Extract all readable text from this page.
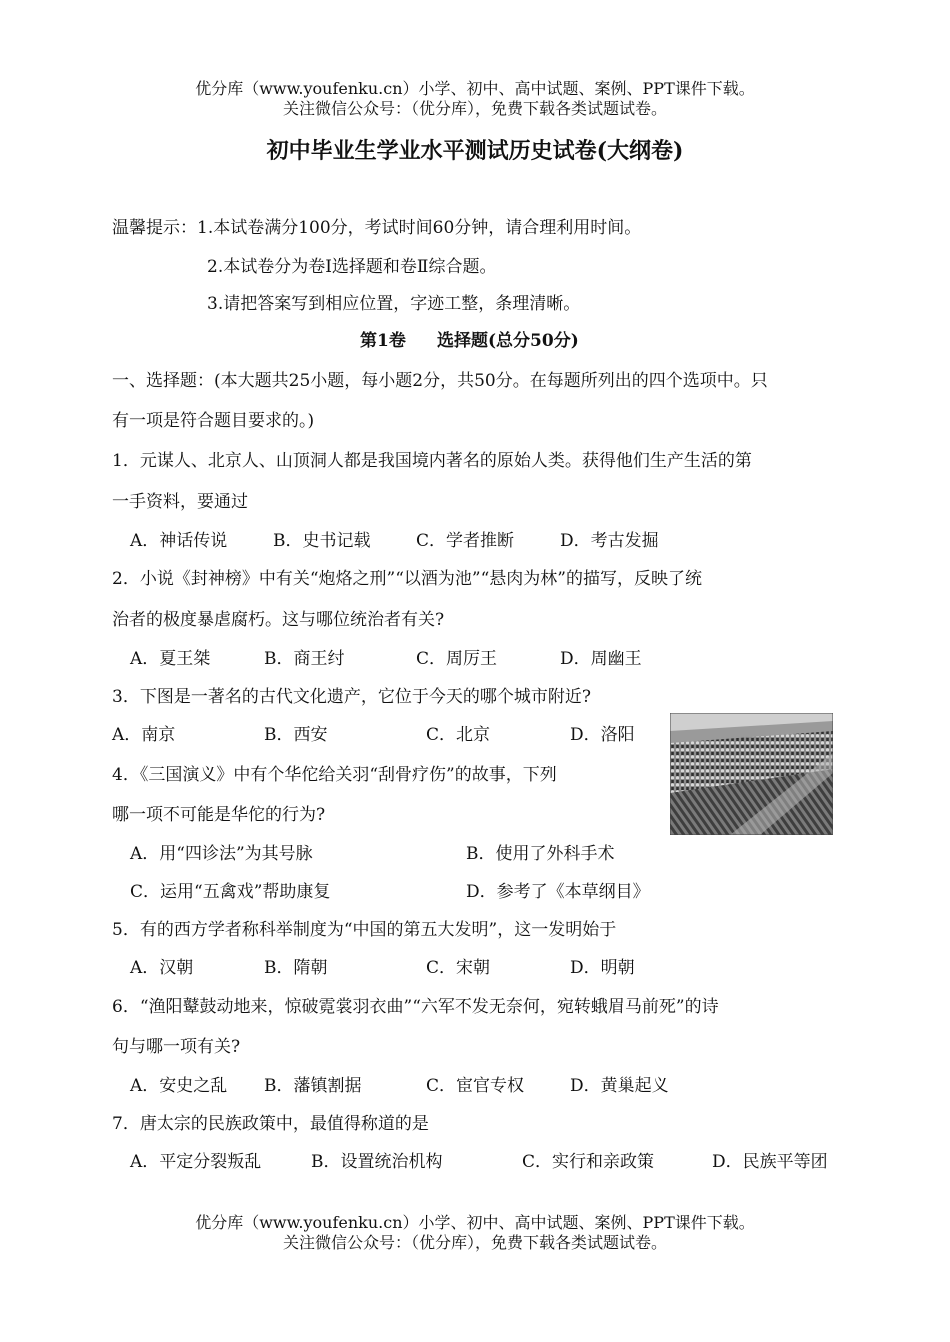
优分库（www.youfenku.cn）小学、初中、高中试题、案例、PPT课件下载。
关注微信公众号：（优分库），免费下载各类试题试卷。
初中毕业生学业水平测试历史试卷(大纲卷)
温馨提示：1.本试卷满分100分，考试时间60分钟，请合理利用时间。
2.本试卷分为卷I选择题和卷Ⅱ综合题。
3.请把答案写到相应位置，字迹工整，条理清晰。
第1卷 选择题(总分50分)
一、选择题：(本大题共25小题，每小题2分，共50分。在每题所列出的四个选项中。只
有一项是符合题目要求的。)
1．元谋人、北京人、山顶洞人都是我国境内著名的原始人类。获得他们生产生活的第
一手资料，要通过
A．神话传说	B．史书记载	C．学者推断	D．考古发掘
2．小说《封神榜》中有关“炮烙之刑”“以酒为池”“悬肉为林”的描写，反映了统
治者的极度暴虐腐朽。这与哪位统治者有关?
A．夏王桀	B．商王纣	C．周厉王	D．周幽王
3．下图是一著名的古代文化遗产，它位于今天的哪个城市附近?
A．南京	B．西安	C．北京	D．洛阳
4．《三国演义》中有个华佗给关羽“刮骨疗伤”的故事，下列
哪一项不可能是华佗的行为?
A．用“四诊法”为其号脉	B．使用了外科手术
C．运用“五禽戏”帮助康复	D．参考了《本草纲目》
5．有的西方学者称科举制度为“中国的第五大发明”，这一发明始于
A．汉朝	B．隋朝	C．宋朝	D．明朝
6．“渔阳鼙鼓动地来，惊破霓裳羽衣曲”“六军不发无奈何，宛转蛾眉马前死”的诗
句与哪一项有关?
A．安史之乱 B．藩镇割据	C．宦官专权	D．黄巢起义
7．唐太宗的民族政策中，最值得称道的是
A．平定分裂叛乱	B．设置统治机构	C．实行和亲政策	D．民族平等团
优分库（www.youfenku.cn）小学、初中、高中试题、案例、PPT课件下载。
关注微信公众号：（优分库），免费下载各类试题试卷。
